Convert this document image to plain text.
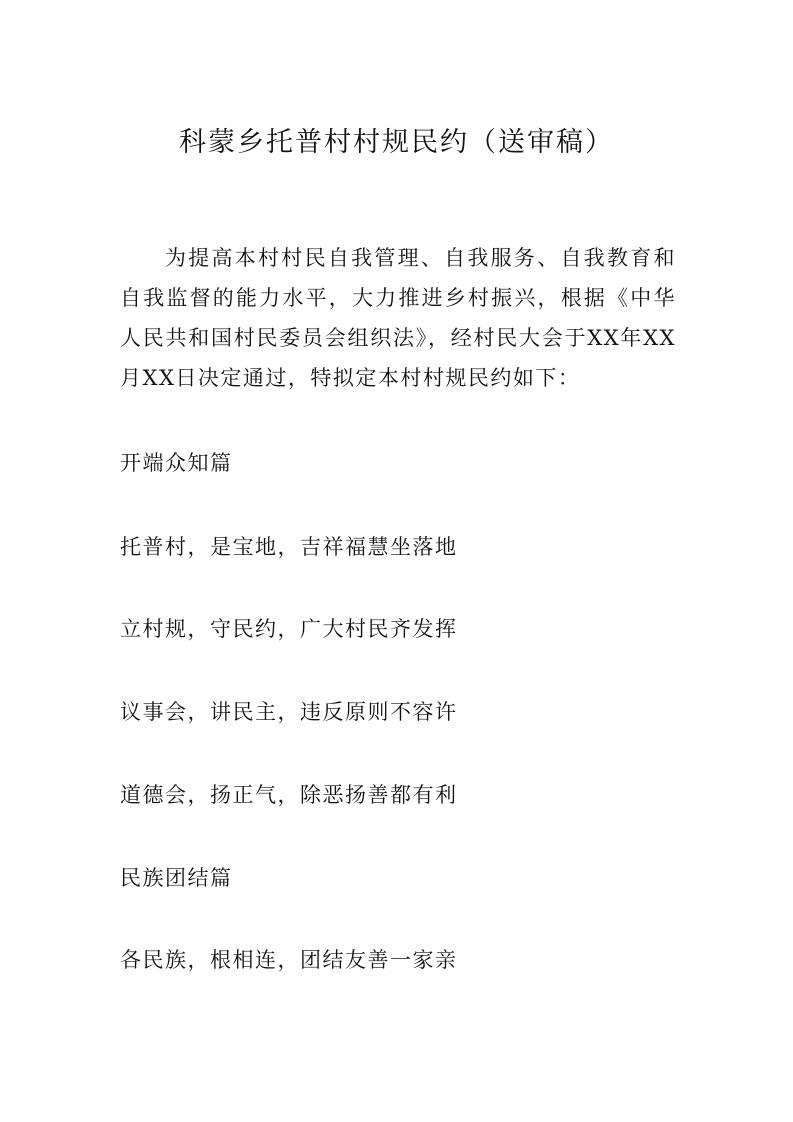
科蒙乡托普村村规民约（送审稿）

为提高本村村民自我管理、自我服务、自我教育和自我监督的能力水平，大力推进乡村振兴，根据《中华人民共和国村民委员会组织法》，经村民大会于XX年XX月XX日决定通过，特拟定本村村规民约如下：

开端众知篇

托普村，是宝地，吉祥福慧坐落地

立村规，守民约，广大村民齐发挥

议事会，讲民主，违反原则不容许

道德会，扬正气，除恶扬善都有利

民族团结篇

各民族，根相连，团结友善一家亲
